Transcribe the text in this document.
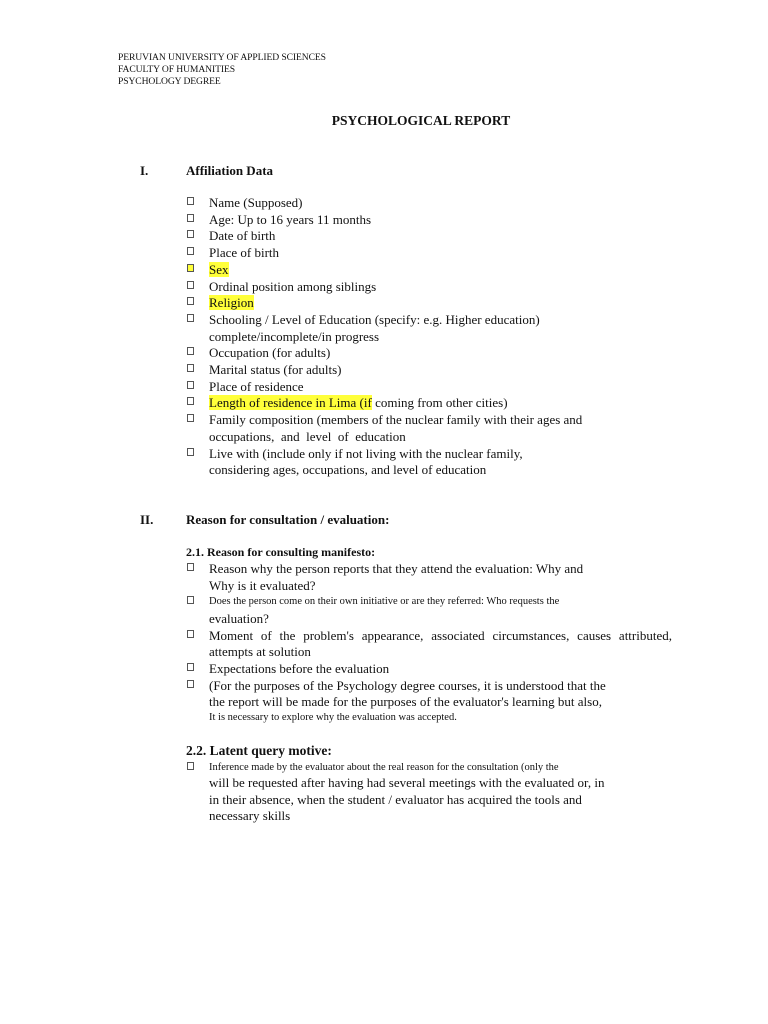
PERUVIAN UNIVERSITY OF APPLIED SCIENCES
FACULTY OF HUMANITIES
PSYCHOLOGY DEGREE
PSYCHOLOGICAL REPORT
I.	Affiliation Data
Name (Supposed)
Age: Up to 16 years 11 months
Date of birth
Place of birth
Sex
Ordinal position among siblings
Religion
Schooling / Level of Education (specify: e.g. Higher education)
complete/incomplete/in progress
Occupation (for adults)
Marital status (for adults)
Place of residence
Length of residence in Lima (if coming from other cities)
Family composition (members of the nuclear family with their ages and
occupations,  and  level  of  education
Live with (include only if not living with the nuclear family,
considering ages, occupations, and level of education
II.	Reason for consultation / evaluation:
2.1. Reason for consulting manifesto:
Reason why the person reports that they attend the evaluation: Why and
Why is it evaluated?
Does the person come on their own initiative or are they referred: Who requests the
evaluation?
Moment of the problem's appearance, associated circumstances, causes attributed, attempts at solution
Expectations before the evaluation
(For the purposes of the Psychology degree courses, it is understood that the
the report will be made for the purposes of the evaluator's learning but also,
It is necessary to explore why the evaluation was accepted.
2.2. Latent query motive:
Inference made by the evaluator about the real reason for the consultation (only the
will be requested after having had several meetings with the evaluated or, in
in their absence, when the student / evaluator has acquired the tools and
necessary skills
